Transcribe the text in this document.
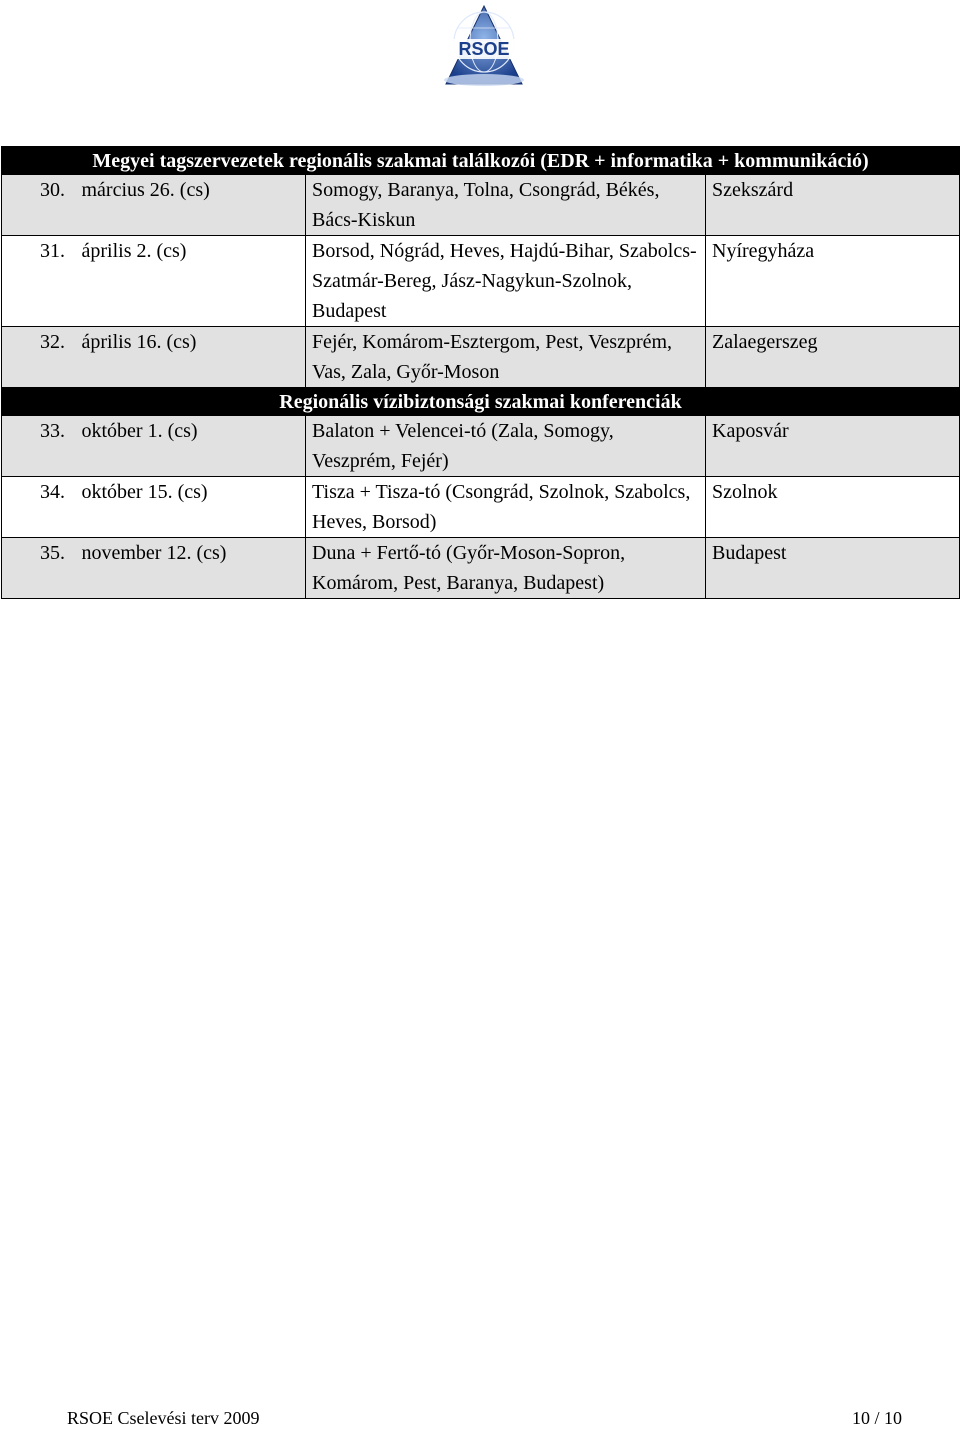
RSOE
Megyei tagszervezetek regionális szakmai találkozói (EDR + informatika + kommunikáció)			
30.	március 26. (cs)	Somogy, Baranya, Tolna, Csongrád, Békés, Bács-Kiskun	Szekszárd
31.	április 2. (cs)	Borsod, Nógrád, Heves, Hajdú-Bihar, Szabolcs-Szatmár-Bereg, Jász-Nagykun-Szolnok, Budapest	Nyíregyháza
32.	április 16. (cs)	Fejér, Komárom-Esztergom, Pest, Veszprém, Vas, Zala, Győr-Moson	Zalaegerszeg
Regionális vízibiztonsági szakmai konferenciák			
33.	október 1. (cs)	Balaton + Velencei-tó (Zala, Somogy, Veszprém, Fejér)	Kaposvár
34.	október 15. (cs)	Tisza + Tisza-tó (Csongrád, Szolnok, Szabolcs, Heves, Borsod)	Szolnok
35.	november 12. (cs)	Duna + Fertő-tó (Győr-Moson-Sopron, Komárom, Pest, Baranya, Budapest)	Budapest
RSOE Cselevési terv 2009	10 / 10
